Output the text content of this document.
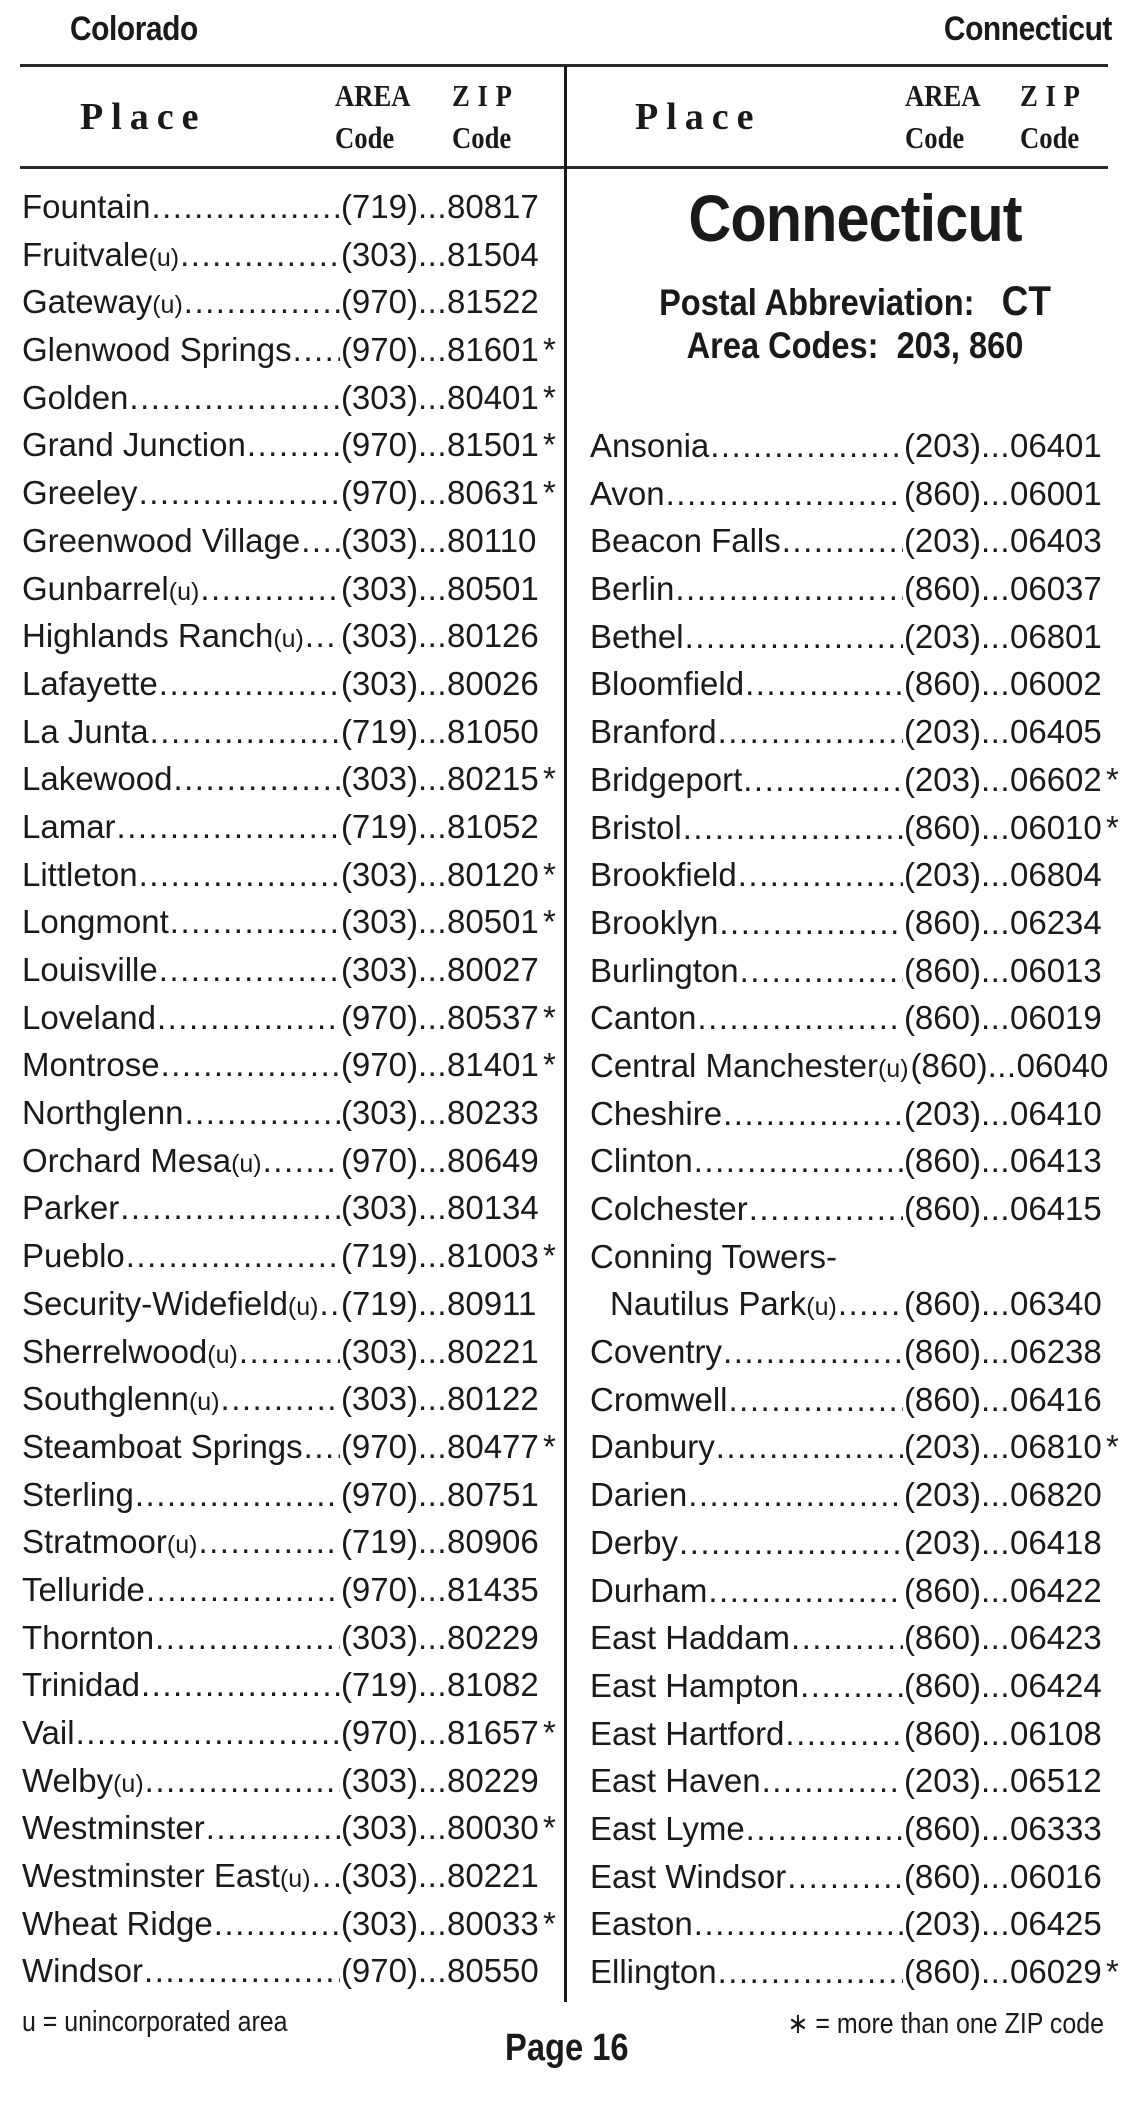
Colorado	Connecticut
Place
AREA
Code
ZIP
Code	Place
AREA
Code
ZIP
Code
Fountain .....	(719) ... 80817
Fruitvale (u) .....	(303) ... 81504
Gateway (u) .....	(970) ... 81522
Glenwood Springs ..... (970) ... 81601 *
Golden .....	(303) ... 80401 *
Grand Junction .....	(970) ... 81501 *
Greeley .....	(970) ... 80631 *
Greenwood Village ..... (303) ... 80110
Gunbarrel (u) .....	(303) ... 80501
Highlands Ranch (u) ..... (303) ... 80126
Lafayette .....	(303) ... 80026
La Junta .....	(719) ... 81050
Lakewood .....	(303) ... 80215 *
Lamar .....	(719) ... 81052
Littleton .....	(303) ... 80120 *
Longmont .....	(303) ... 80501 *
Louisville .....	(303) ... 80027
Loveland .....	(970) ... 80537 *
Montrose .....	(970) ... 81401 *
Northglenn .....	(303) ... 80233
Orchard Mesa (u) ..... (970) ... 80649
Parker .....	(303) ... 80134
Pueblo .....	(719) ... 81003 *
Security-Widefield (u) ..... (719) ... 80911
Sherrelwood (u) .....	(303) ... 80221
Southglenn (u) .....	(303) ... 80122
Steamboat Springs ..... (970) ... 80477 *
Sterling .....	(970) ... 80751
Stratmoor (u) .....	(719) ... 80906
Telluride .....	(970) ... 81435
Thornton .....	(303) ... 80229
Trinidad .....	(719) ... 81082
Vail .....	(970) ... 81657 *
Welby (u) .....	(303) ... 80229
Westminster .....	(303) ... 80030 *
Westminster East (u) ..... (303) ... 80221
Wheat Ridge .....	(303) ... 80033 *
Windsor .....	(970) ... 80550
Connecticut
Postal Abbreviation: CT
Area Codes: 203, 860
Ansonia .....	(203) ... 06401
Avon .....	(860) ... 06001
Beacon Falls .....	(203) ... 06403
Berlin .....	(860) ... 06037
Bethel .....	(203) ... 06801
Bloomfield .....	(860) ... 06002
Branford .....	(203) ... 06405
Bridgeport .....	(203) ... 06602 *
Bristol .....	(860) ... 06010 *
Brookfield .....	(203) ... 06804
Brooklyn .....	(860) ... 06234
Burlington .....	(860) ... 06013
Canton .....	(860) ... 06019
Central Manchester (u) (860) ... 06040
Cheshire .....	(203) ... 06410
Clinton .....	(860) ... 06413
Colchester .....	(860) ... 06415
Conning Towers-
Nautilus Park (u) ..... (860) ... 06340
Coventry .....	(860) ... 06238
Cromwell .....	(860) ... 06416
Danbury .....	(203) ... 06810 *
Darien .....	(203) ... 06820
Derby .....	(203) ... 06418
Durham .....	(860) ... 06422
East Haddam .....	(860) ... 06423
East Hampton .....	(860) ... 06424
East Hartford .....	(860) ... 06108
East Haven .....	(203) ... 06512
East Lyme .....	(860) ... 06333
East Windsor .....	(860) ... 06016
Easton .....	(203) ... 06425
Ellington .....	(860) ... 06029 *
u = unincorporated area	∗ = more than one ZIP code
Page 16
